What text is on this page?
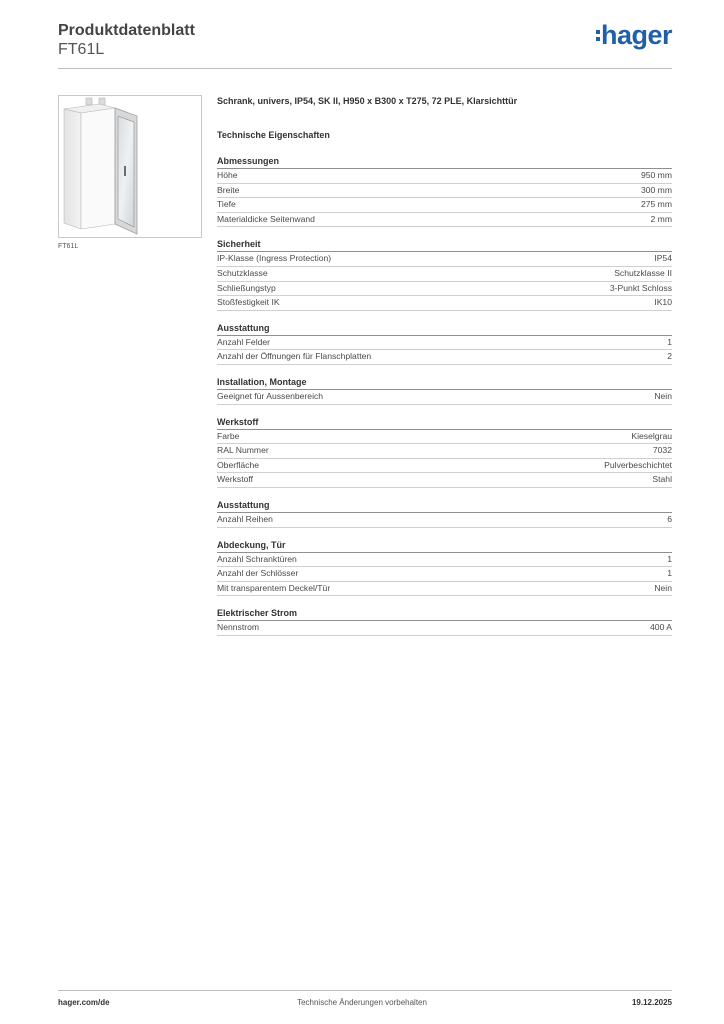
Produktdatenblatt
FT61L	hager
FT61L
Schrank, univers, IP54, SK II, H950 x B300 x T275, 72 PLE, Klarsichttür
Technische Eigenschaften
Abmessungen
Höhe	950 mm
Breite	300 mm
Tiefe	275 mm
Materialdicke Seitenwand	2 mm
Sicherheit
IP-Klasse (Ingress Protection)	IP54
Schutzklasse	Schutzklasse II
Schließungstyp	3-Punkt Schloss
Stoßfestigkeit IK	IK10
Ausstattung
Anzahl Felder	1
Anzahl der Öffnungen für Flanschplatten	2
Installation, Montage
Geeignet für Aussenbereich	Nein
Werkstoff
Farbe	Kieselgrau
RAL Nummer	7032
Oberfläche	Pulverbeschichtet
Werkstoff	Stahl
Ausstattung
Anzahl Reihen	6
Abdeckung, Tür
Anzahl Schranktüren	1
Anzahl der Schlösser	1
Mit transparentem Deckel/Tür	Nein
Elektrischer Strom
Nennstrom	400 A
hager.com/de	Technische Änderungen vorbehalten	19.12.2025
